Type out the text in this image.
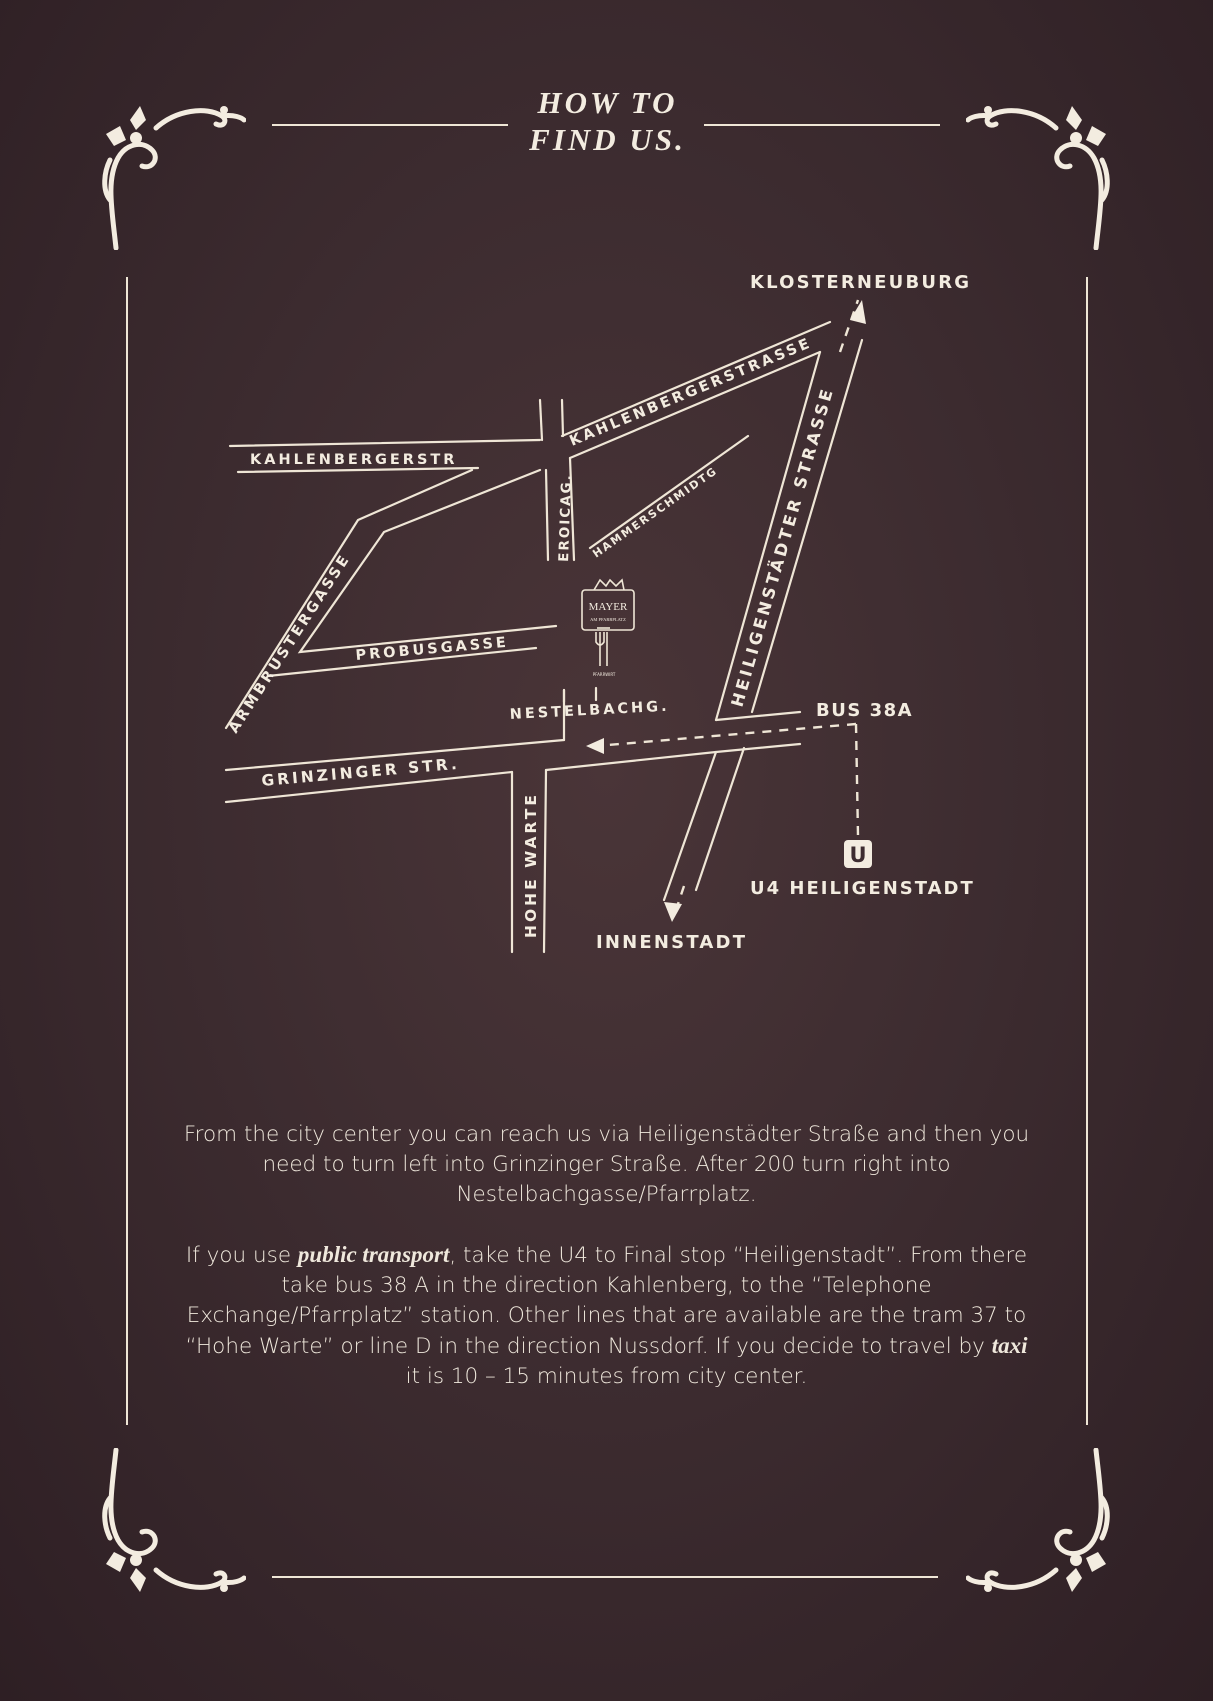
HOW TO
FIND US.
U
MAYER
AM PFARRPLATZ
PFARRWIRT
KAHLENBERGERSTR
KAHLENBERGERSTRASSE
ARMBRUSTERGASSE PROBUSGASSE
EROICAG. HAMMERSCHMIDTG HEILIGENSTÄDTER STRASSE
NESTELBACHG.
GRINZINGER STR.
HOHE WARTE
KLOSTERNEUBURG
INNENSTADT
U4 HEILIGENSTADT
BUS 38A

From the city center you can reach us via Heiligenstädter Straße and then you need to turn left into Grinzinger Straße. After 200 turn right into Nestelbachgasse/Pfarrplatz.

If you use public transport, take the U4 to Final stop “Heiligenstadt”. From there take bus 38 A in the direction Kahlenberg, to the “Telephone Exchange/Pfarrplatz” station. Other lines that are available are the tram 37 to “Hohe Warte” or line D in the direction Nussdorf. If you decide to travel by taxi it is 10 – 15 minutes from city center.
